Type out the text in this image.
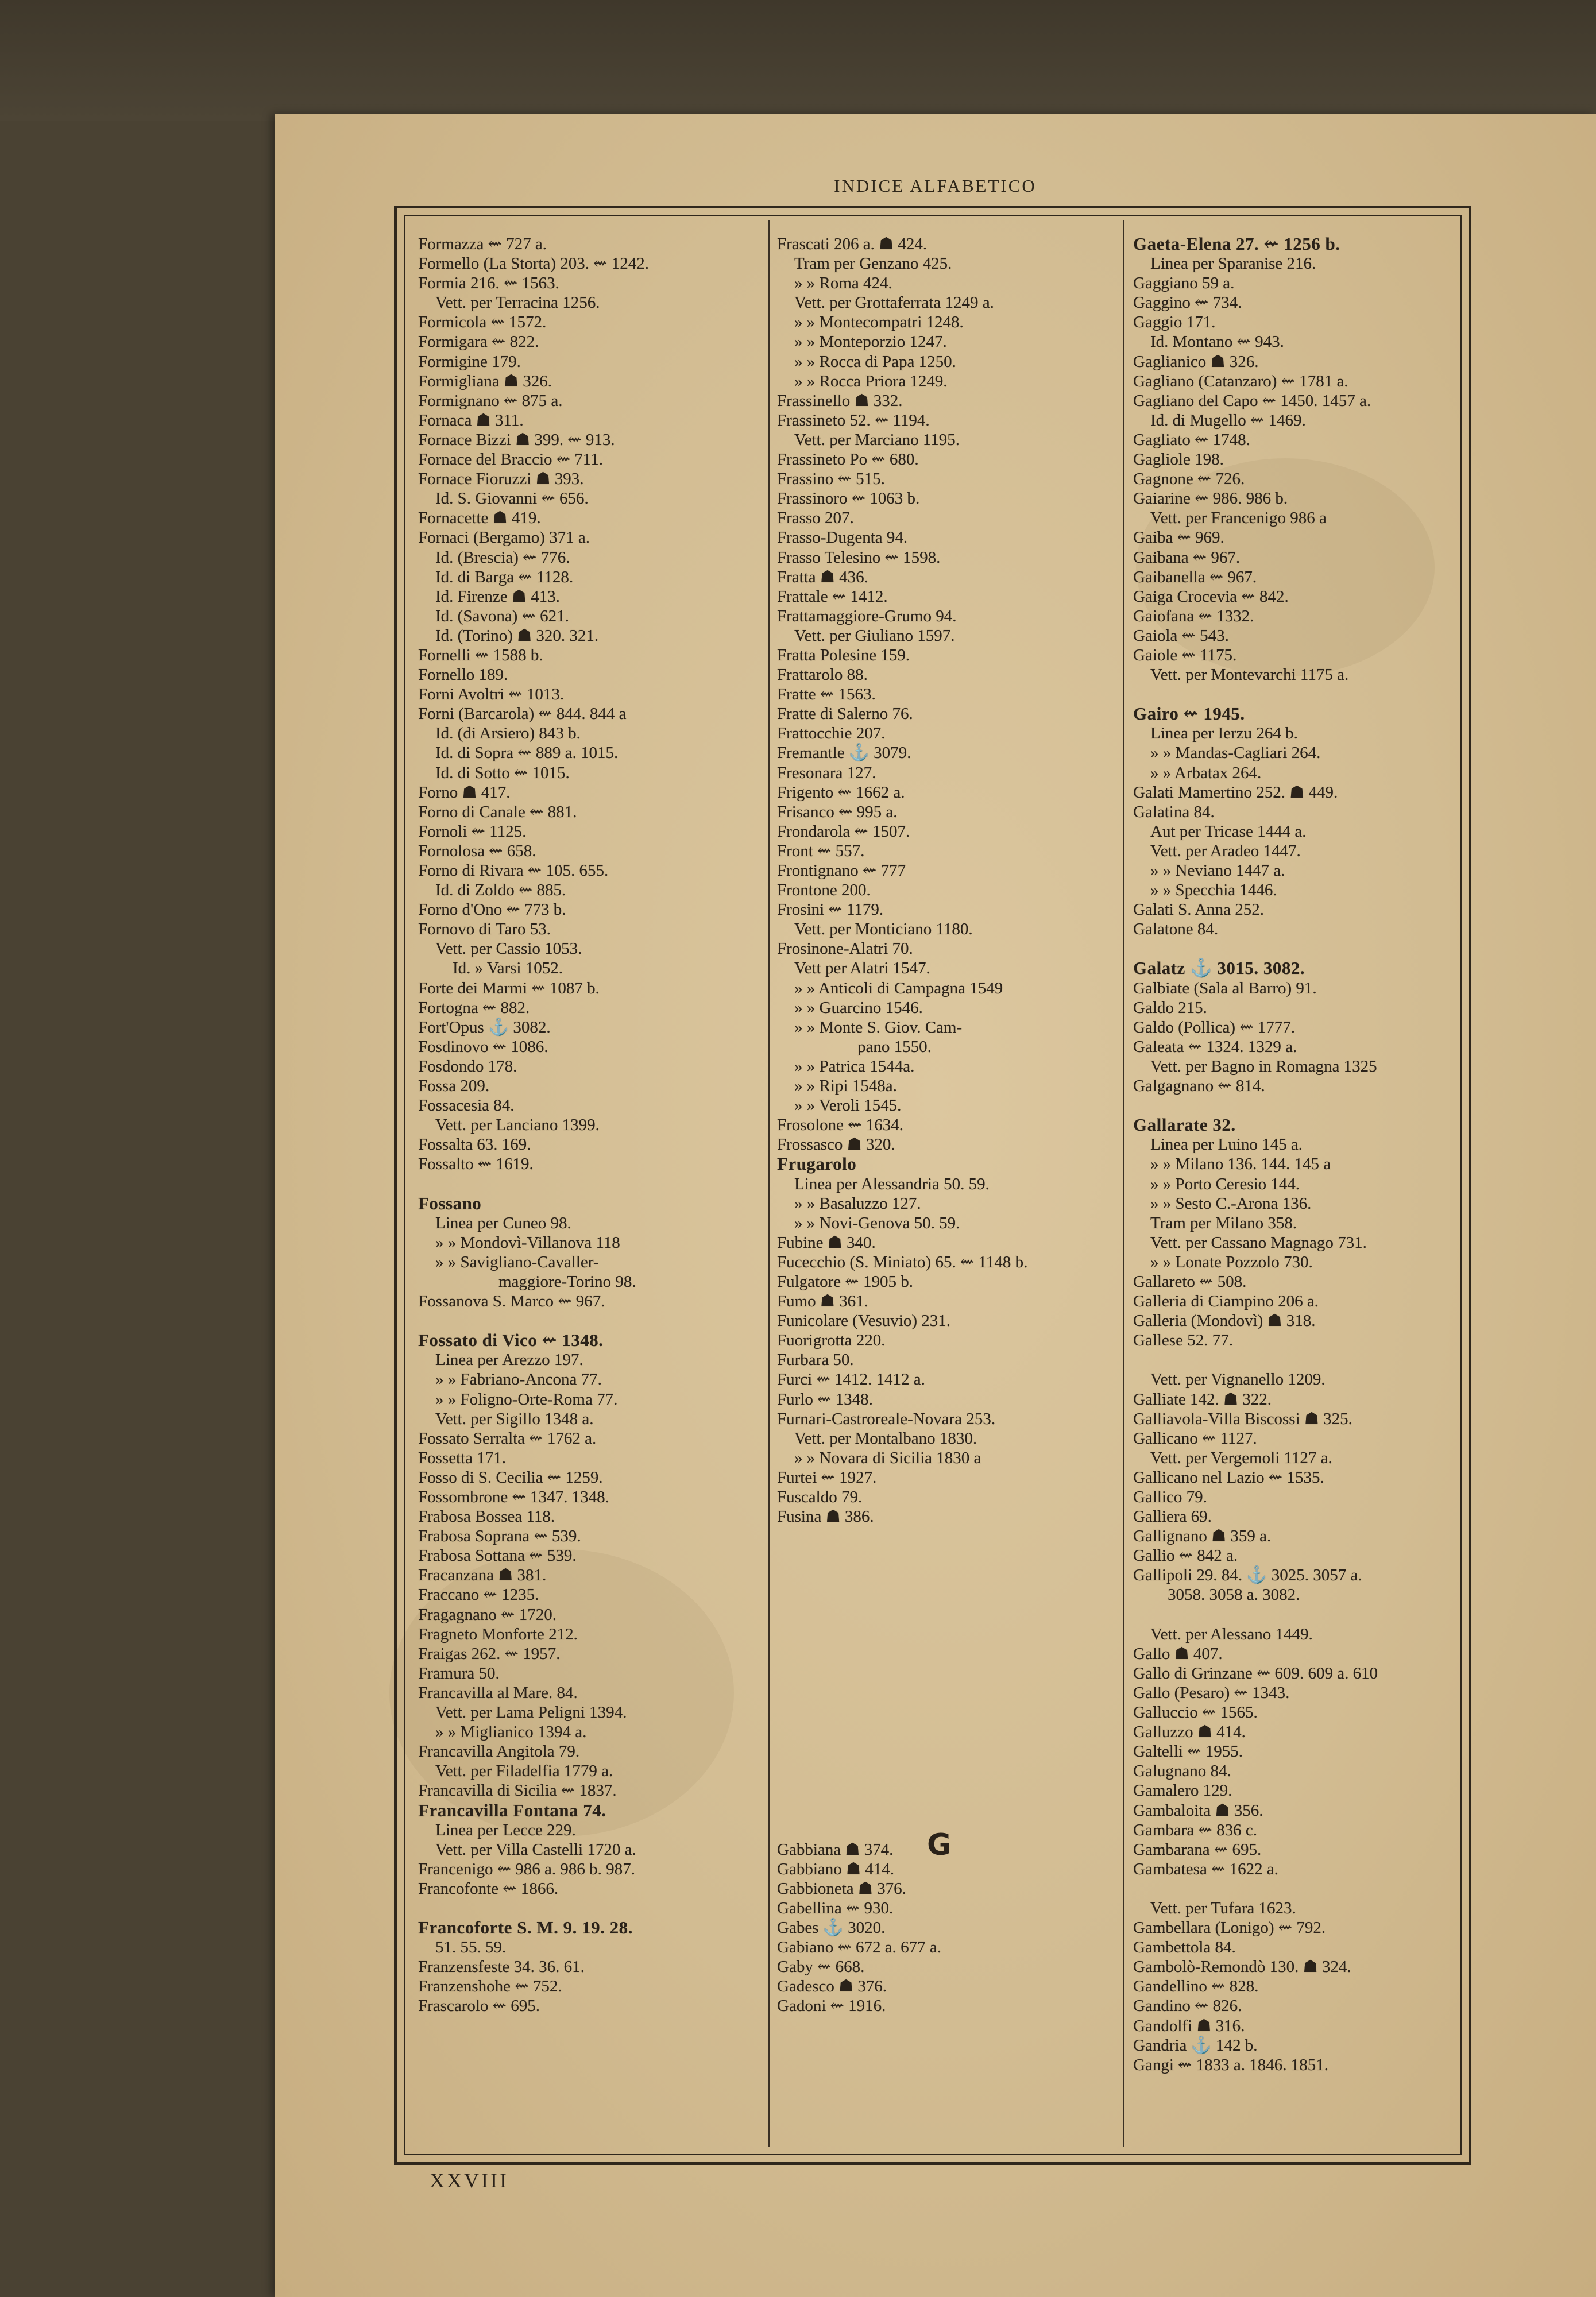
INDICE ALFABETICO
Formazza ⇜ 727 a.
Formello (La Storta) 203. ⇜ 1242.
Formia 216. ⇜ 1563.
Vett. per Terracina 1256.
Formicola ⇜ 1572.
Formigara ⇜ 822.
Formigine 179.
Formigliana ☗ 326.
Formignano ⇜ 875 a.
Fornaca ☗ 311.
Fornace Bizzi ☗ 399. ⇜ 913.
Fornace del Braccio ⇜ 711.
Fornace Fioruzzi ☗ 393.
Id. S. Giovanni ⇜ 656.
Fornacette ☗ 419.
Fornaci (Bergamo) 371 a.
Id. (Brescia) ⇜ 776.
Id. di Barga ⇜ 1128.
Id. Firenze ☗ 413.
Id. (Savona) ⇜ 621.
Id. (Torino) ☗ 320. 321.
Fornelli ⇜ 1588 b.
Fornello 189.
Forni Avoltri ⇜ 1013.
Forni (Barcarola) ⇜ 844. 844 a
Id. (di Arsiero) 843 b.
Id. di Sopra ⇜ 889 a. 1015.
Id. di Sotto ⇜ 1015.
Forno ☗ 417.
Forno di Canale ⇜ 881.
Fornoli ⇜ 1125.
Fornolosa ⇜ 658.
Forno di Rivara ⇜ 105. 655.
Id. di Zoldo ⇜ 885.
Forno d'Ono ⇜ 773 b.
Fornovo di Taro 53.
Vett. per Cassio 1053.
Id. » Varsi 1052.
Forte dei Marmi ⇜ 1087 b.
Fortogna ⇜ 882.
Fort'Opus ⚓ 3082.
Fosdinovo ⇜ 1086.
Fosdondo 178.
Fossa 209.
Fossacesia 84.
Vett. per Lanciano 1399.
Fossalta 63. 169.
Fossalto ⇜ 1619.
Fossano
Linea per Cuneo 98.
» » Mondovì-Villanova 118
» » Savigliano-Cavaller-
maggiore-Torino 98.
Fossanova S. Marco ⇜ 967.
Fossato di Vico ⇜ 1348.
Linea per Arezzo 197.
» » Fabriano-Ancona 77.
» » Foligno-Orte-Roma 77.
Vett. per Sigillo 1348 a.
Fossato Serralta ⇜ 1762 a.
Fossetta 171.
Fosso di S. Cecilia ⇜ 1259.
Fossombrone ⇜ 1347. 1348.
Frabosa Bossea 118.
Frabosa Soprana ⇜ 539.
Frabosa Sottana ⇜ 539.
Fracanzana ☗ 381.
Fraccano ⇜ 1235.
Fragagnano ⇜ 1720.
Fragneto Monforte 212.
Fraigas 262. ⇜ 1957.
Framura 50.
Francavilla al Mare. 84.
Vett. per Lama Peligni 1394.
» » Miglianico 1394 a.
Francavilla Angitola 79.
Vett. per Filadelfia 1779 a.
Francavilla di Sicilia ⇜ 1837.
Francavilla Fontana 74.
Linea per Lecce 229.
Vett. per Villa Castelli 1720 a.
Francenigo ⇜ 986 a. 986 b. 987.
Francofonte ⇜ 1866.
Francoforte S. M. 9. 19. 28.
51. 55. 59.
Franzensfeste 34. 36. 61.
Franzenshohe ⇜ 752.
Frascarolo ⇜ 695.
Frascati 206 a. ☗ 424.
Tram per Genzano 425.
» » Roma 424.
Vett. per Grottaferrata 1249 a.
» » Montecompatri 1248.
» » Monteporzio 1247.
» » Rocca di Papa 1250.
» » Rocca Priora 1249.
Frassinello ☗ 332.
Frassineto 52. ⇜ 1194.
Vett. per Marciano 1195.
Frassineto Po ⇜ 680.
Frassino ⇜ 515.
Frassinoro ⇜ 1063 b.
Frasso 207.
Frasso-Dugenta 94.
Frasso Telesino ⇜ 1598.
Fratta ☗ 436.
Frattale ⇜ 1412.
Frattamaggiore-Grumo 94.
Vett. per Giuliano 1597.
Fratta Polesine 159.
Frattarolo 88.
Fratte ⇜ 1563.
Fratte di Salerno 76.
Frattocchie 207.
Fremantle ⚓ 3079.
Fresonara 127.
Frigento ⇜ 1662 a.
Frisanco ⇜ 995 a.
Frondarola ⇜ 1507.
Front ⇜ 557.
Frontignano ⇜ 777
Frontone 200.
Frosini ⇜ 1179.
Vett. per Monticiano 1180.
Frosinone-Alatri 70.
Vett per Alatri 1547.
» » Anticoli di Campagna 1549
» » Guarcino 1546.
» » Monte S. Giov. Cam-
pano 1550.
» » Patrica 1544a.
» » Ripi 1548a.
» » Veroli 1545.
Frosolone ⇜ 1634.
Frossasco ☗ 320.
Frugarolo
Linea per Alessandria 50. 59.
» » Basaluzzo 127.
» » Novi-Genova 50. 59.
Fubine ☗ 340.
Fucecchio (S. Miniato) 65. ⇜ 1148 b.
Fulgatore ⇜ 1905 b.
Fumo ☗ 361.
Funicolare (Vesuvio) 231.
Fuorigrotta 220.
Furbara 50.
Furci ⇜ 1412. 1412 a.
Furlo ⇜ 1348.
Furnari-Castroreale-Novara 253.
Vett. per Montalbano 1830.
» » Novara di Sicilia 1830 a
Furtei ⇜ 1927.
Fuscaldo 79.
Fusina ☗ 386.
Gabbiana ☗ 374.
Gabbiano ☗ 414.
Gabbioneta ☗ 376.
Gabellina ⇜ 930.
Gabes ⚓ 3020.
Gabiano ⇜ 672 a. 677 a.
Gaby ⇜ 668.
Gadesco ☗ 376.
Gadoni ⇜ 1916.
Gaeta-Elena 27. ⇜ 1256 b.
Linea per Sparanise 216.
Gaggiano 59 a.
Gaggino ⇜ 734.
Gaggio 171.
Id. Montano ⇜ 943.
Gaglianico ☗ 326.
Gagliano (Catanzaro) ⇜ 1781 a.
Gagliano del Capo ⇜ 1450. 1457 a.
Id. di Mugello ⇜ 1469.
Gagliato ⇜ 1748.
Gagliole 198.
Gagnone ⇜ 726.
Gaiarine ⇜ 986. 986 b.
Vett. per Francenigo 986 a
Gaiba ⇜ 969.
Gaibana ⇜ 967.
Gaibanella ⇜ 967.
Gaiga Crocevia ⇜ 842.
Gaiofana ⇜ 1332.
Gaiola ⇜ 543.
Gaiole ⇜ 1175.
Vett. per Montevarchi 1175 a.
Gairo ⇜ 1945.
Linea per Ierzu 264 b.
» » Mandas-Cagliari 264.
» » Arbatax 264.
Galati Mamertino 252. ☗ 449.
Galatina 84.
Aut per Tricase 1444 a.
Vett. per Aradeo 1447.
» » Neviano 1447 a.
» » Specchia 1446.
Galati S. Anna 252.
Galatone 84.
Galatz ⚓ 3015. 3082.
Galbiate (Sala al Barro) 91.
Galdo 215.
Galdo (Pollica) ⇜ 1777.
Galeata ⇜ 1324. 1329 a.
Vett. per Bagno in Romagna 1325
Galgagnano ⇜ 814.
Gallarate 32.
Linea per Luino 145 a.
» » Milano 136. 144. 145 a
» » Porto Ceresio 144.
» » Sesto C.-Arona 136.
Tram per Milano 358.
Vett. per Cassano Magnago 731.
» » Lonate Pozzolo 730.
Gallareto ⇜ 508.
Galleria di Ciampino 206 a.
Galleria (Mondovì) ☗ 318.
Gallese 52. 77.
Vett. per Vignanello 1209.
Galliate 142. ☗ 322.
Galliavola-Villa Biscossi ☗ 325.
Gallicano ⇜ 1127.
Vett. per Vergemoli 1127 a.
Gallicano nel Lazio ⇜ 1535.
Gallico 79.
Galliera 69.
Gallignano ☗ 359 a.
Gallio ⇜ 842 a.
Gallipoli 29. 84. ⚓ 3025. 3057 a.
3058. 3058 a. 3082.
Vett. per Alessano 1449.
Gallo ☗ 407.
Gallo di Grinzane ⇜ 609. 609 a. 610
Gallo (Pesaro) ⇜ 1343.
Galluccio ⇜ 1565.
Galluzzo ☗ 414.
Galtelli ⇜ 1955.
Galugnano 84.
Gamalero 129.
Gambaloita ☗ 356.
Gambara ⇜ 836 c.
Gambarana ⇜ 695.
Gambatesa ⇜ 1622 a.
Vett. per Tufara 1623.
Gambellara (Lonigo) ⇜ 792.
Gambettola 84.
Gambolò-Remondò 130. ☗ 324.
Gandellino ⇜ 828.
Gandino ⇜ 826.
Gandolfi ☗ 316.
Gandria ⚓ 142 b.
Gangi ⇜ 1833 a. 1846. 1851.
G
XXVIII
